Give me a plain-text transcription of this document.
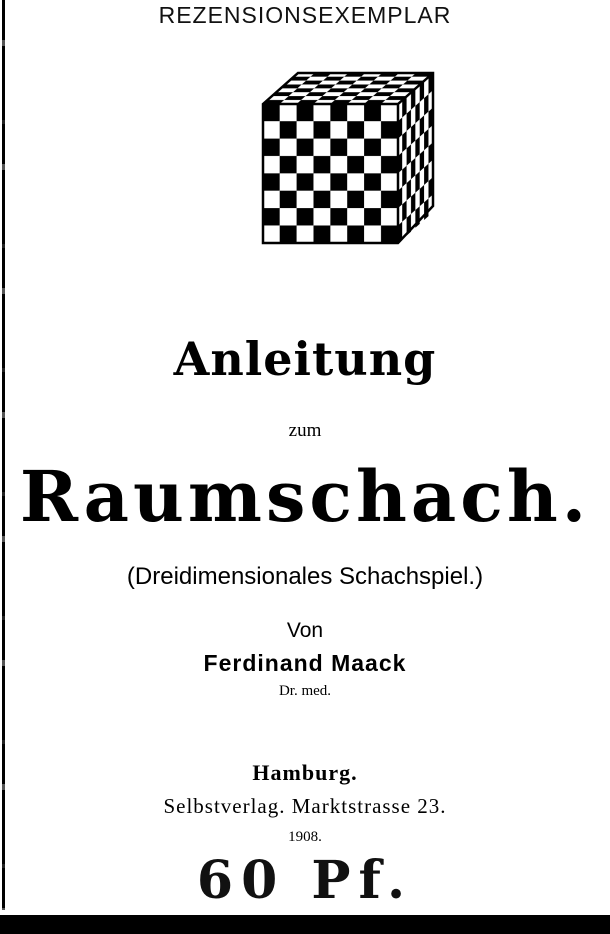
REZENSIONSEXEMPLAR
Anleitung
zum
Raumschach.
(Dreidimensionales Schachspiel.)
Von
Ferdinand Maack
Dr. med.
Hamburg.
Selbstverlag. Marktstrasse 23.
1908.
60 Pf.
